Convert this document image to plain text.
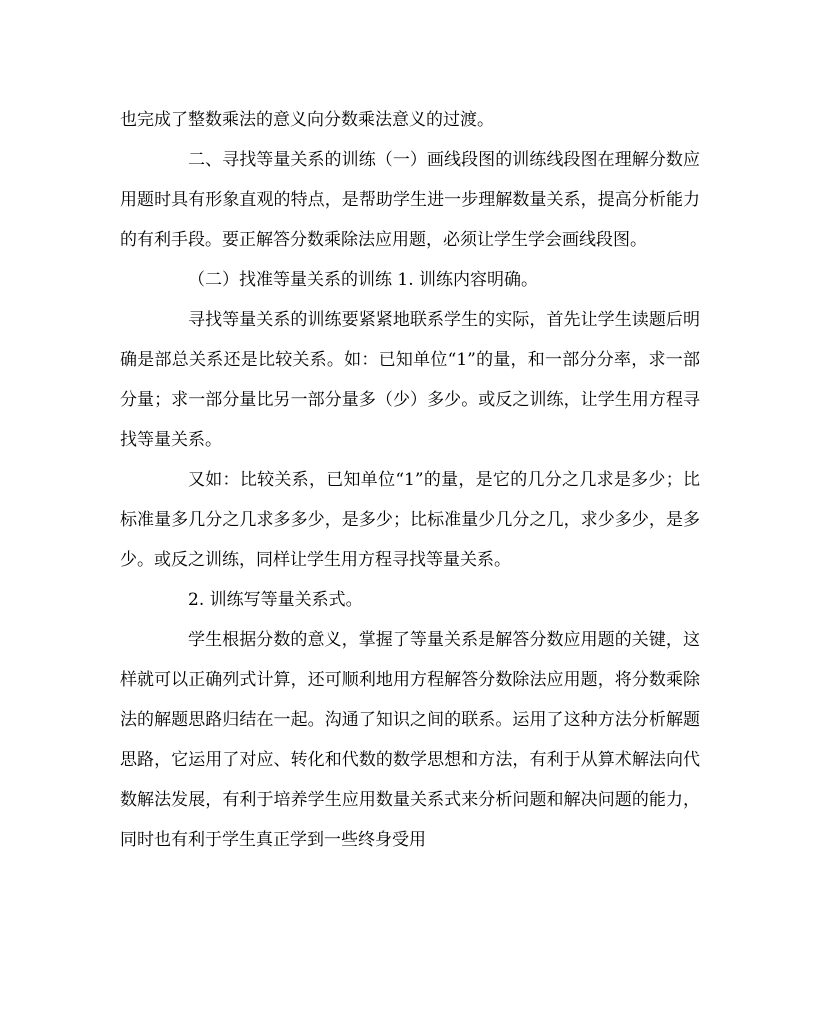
也完成了整数乘法的意义向分数乘法意义的过渡。

二、寻找等量关系的训练（一）画线段图的训练线段图在理解分数应用题时具有形象直观的特点，是帮助学生进一步理解数量关系，提高分析能力的有利手段。要正解答分数乘除法应用题，必须让学生学会画线段图。

（二）找准等量关系的训练 1. 训练内容明确。

寻找等量关系的训练要紧紧地联系学生的实际，首先让学生读题后明确是部总关系还是比较关系。如：已知单位“1”的量，和一部分分率，求一部分量；求一部分量比另一部分量多（少）多少。或反之训练，让学生用方程寻找等量关系。

又如：比较关系，已知单位“1”的量，是它的几分之几求是多少；比标准量多几分之几求多多少，是多少；比标准量少几分之几，求少多少，是多少。或反之训练，同样让学生用方程寻找等量关系。

2. 训练写等量关系式。

学生根据分数的意义，掌握了等量关系是解答分数应用题的关键，这样就可以正确列式计算，还可顺利地用方程解答分数除法应用题，将分数乘除法的解题思路归结在一起。沟通了知识之间的联系。运用了这种方法分析解题思路，它运用了对应、转化和代数的数学思想和方法，有利于从算术解法向代数解法发展，有利于培养学生应用数量关系式来分析问题和解决问题的能力，同时也有利于学生真正学到一些终身受用
